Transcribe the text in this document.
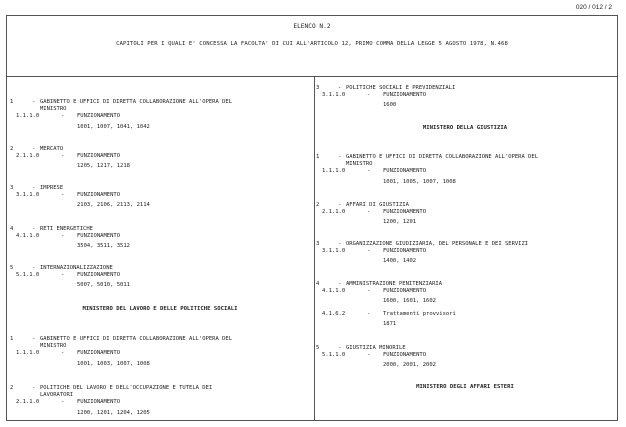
020 / 012 / 2
ELENCO N.2
CAPITOLI PER I QUALI E' CONCESSA LA FACOLTA' DI CUI ALL'ARTICOLO 12, PRIMO COMMA DELLA LEGGE 5 AGOSTO 1978, N.468
1	- GABINETTO E UFFICI DI DIRETTA COLLABORAZIONE ALL'OPERA DEL
MINISTRO
1.1.1.0	-	FUNZIONAMENTO
1001, 1007, 1041, 1042
2	- MERCATO
2.1.1.0	-	FUNZIONAMENTO
1205, 1217, 1218
3	- IMPRESE
3.1.1.0	-	FUNZIONAMENTO
2103, 2106, 2113, 2114
4	- RETI ENERGETICHE
4.1.1.0	-	FUNZIONAMENTO
3504, 3511, 3512
5	- INTERNAZIONALIZZAZIONE
5.1.1.0	-	FUNZIONAMENTO
5007, 5010, 5011
MINISTERO DEL LAVORO E DELLE POLITICHE SOCIALI
1	- GABINETTO E UFFICI DI DIRETTA COLLABORAZIONE ALL'OPERA DEL
MINISTRO
1.1.1.0	-	FUNZIONAMENTO
1001, 1003, 1007, 1008
2	- POLITICHE DEL LAVORO E DELL'OCCUPAZIONE E TUTELA DEI
LAVORATORI
2.1.1.0	-	FUNZIONAMENTO
1200, 1201, 1204, 1205
3	- POLITICHE SOCIALI E PREVIDENZIALI
3.1.1.0	-	FUNZIONAMENTO
1600
MINISTERO DELLA GIUSTIZIA
1	- GABINETTO E UFFICI DI DIRETTA COLLABORAZIONE ALL'OPERA DEL
MINISTRO
1.1.1.0	-	FUNZIONAMENTO
1001, 1005, 1007, 1008
2	- AFFARI DI GIUSTIZIA
2.1.1.0	-	FUNZIONAMENTO
1200, 1201
3	- ORGANIZZAZIONE GIUDIZIARIA, DEL PERSONALE E DEI SERVIZI
3.1.1.0	-	FUNZIONAMENTO
1400, 1402
4	- AMMINISTRAZIONE PENITENZIARIA
4.1.1.0	-	FUNZIONAMENTO
1600, 1601, 1602
4.1.6.2	-	Trattamenti provvisori
1871
5	- GIUSTIZIA MINORILE
5.1.1.0	-	FUNZIONAMENTO
2000, 2001, 2002
MINISTERO DEGLI AFFARI ESTERI
